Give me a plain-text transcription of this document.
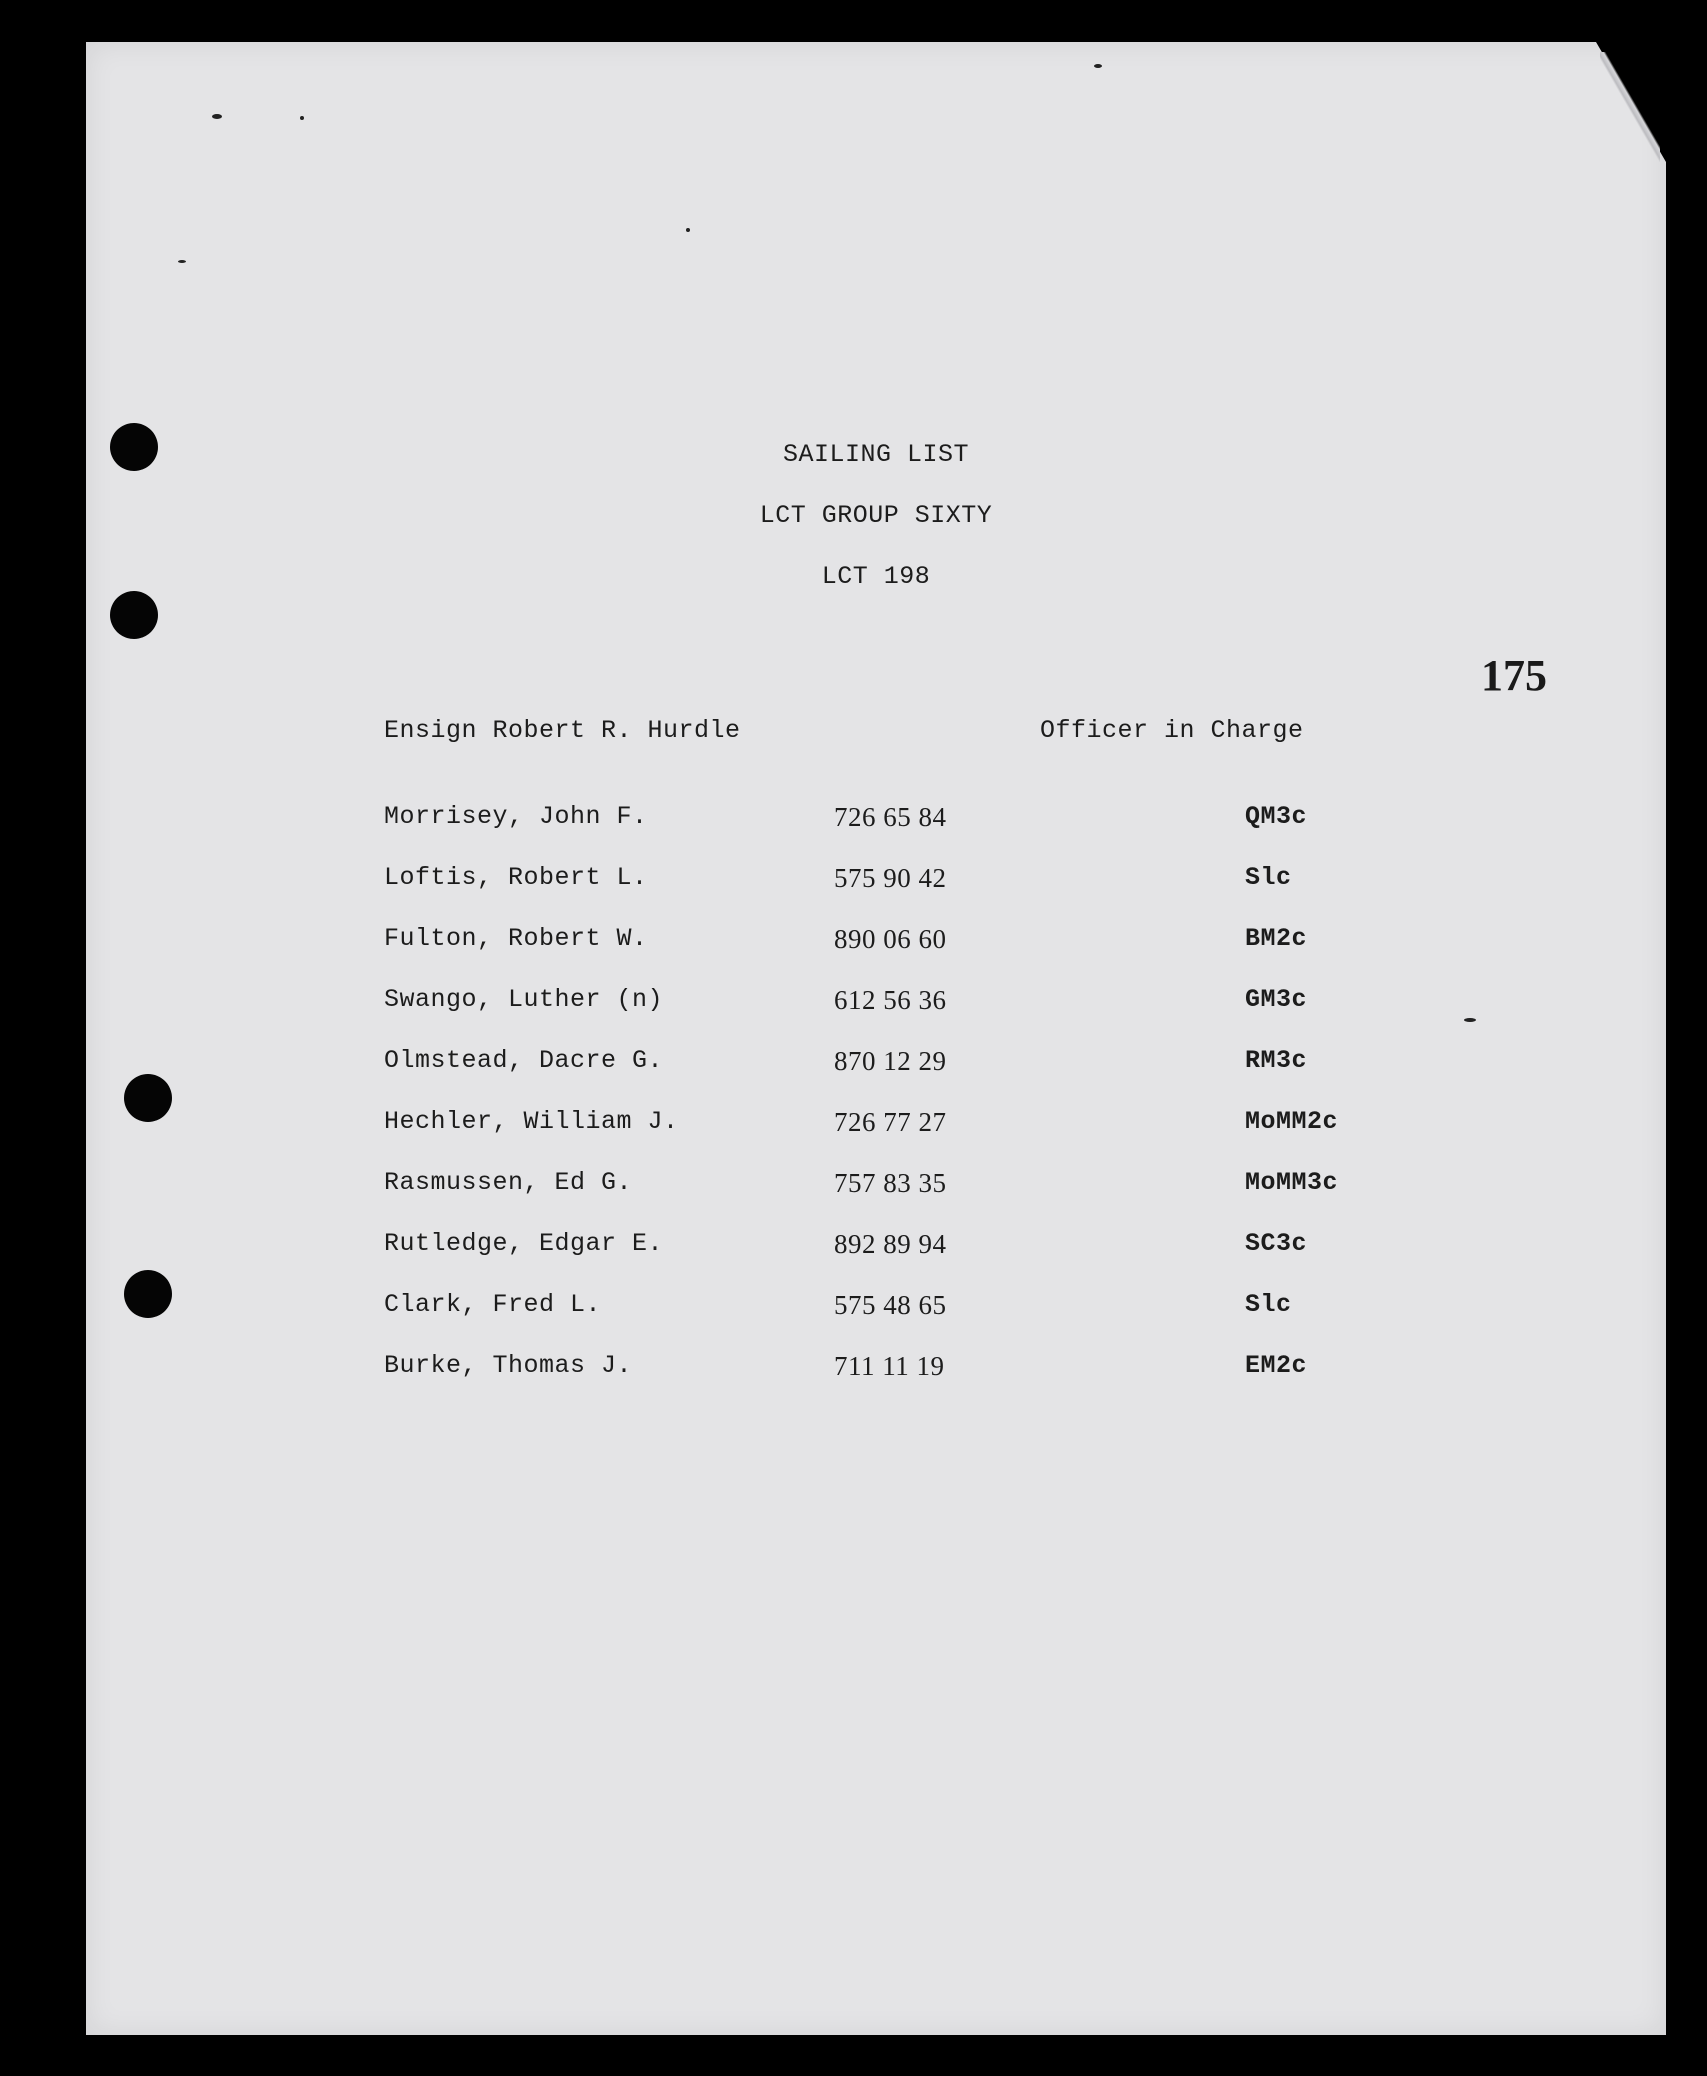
SAILING LIST
LCT GROUP SIXTY
LCT 198
175
Ensign Robert R. Hurdle	Officer in Charge
Morrisey, John F.	726 65 84	QM3c
Loftis, Robert L.	575 90 42	Slc
Fulton, Robert W.	890 06 60	BM2c
Swango, Luther (n)	612 56 36	GM3c
Olmstead, Dacre G.	870 12 29	RM3c
Hechler, William J.	726 77 27	MoMM2c
Rasmussen, Ed G.	757 83 35	MoMM3c
Rutledge, Edgar E.	892 89 94	SC3c
Clark, Fred L.	575 48 65	Slc
Burke, Thomas J.	711 11 19	EM2c
